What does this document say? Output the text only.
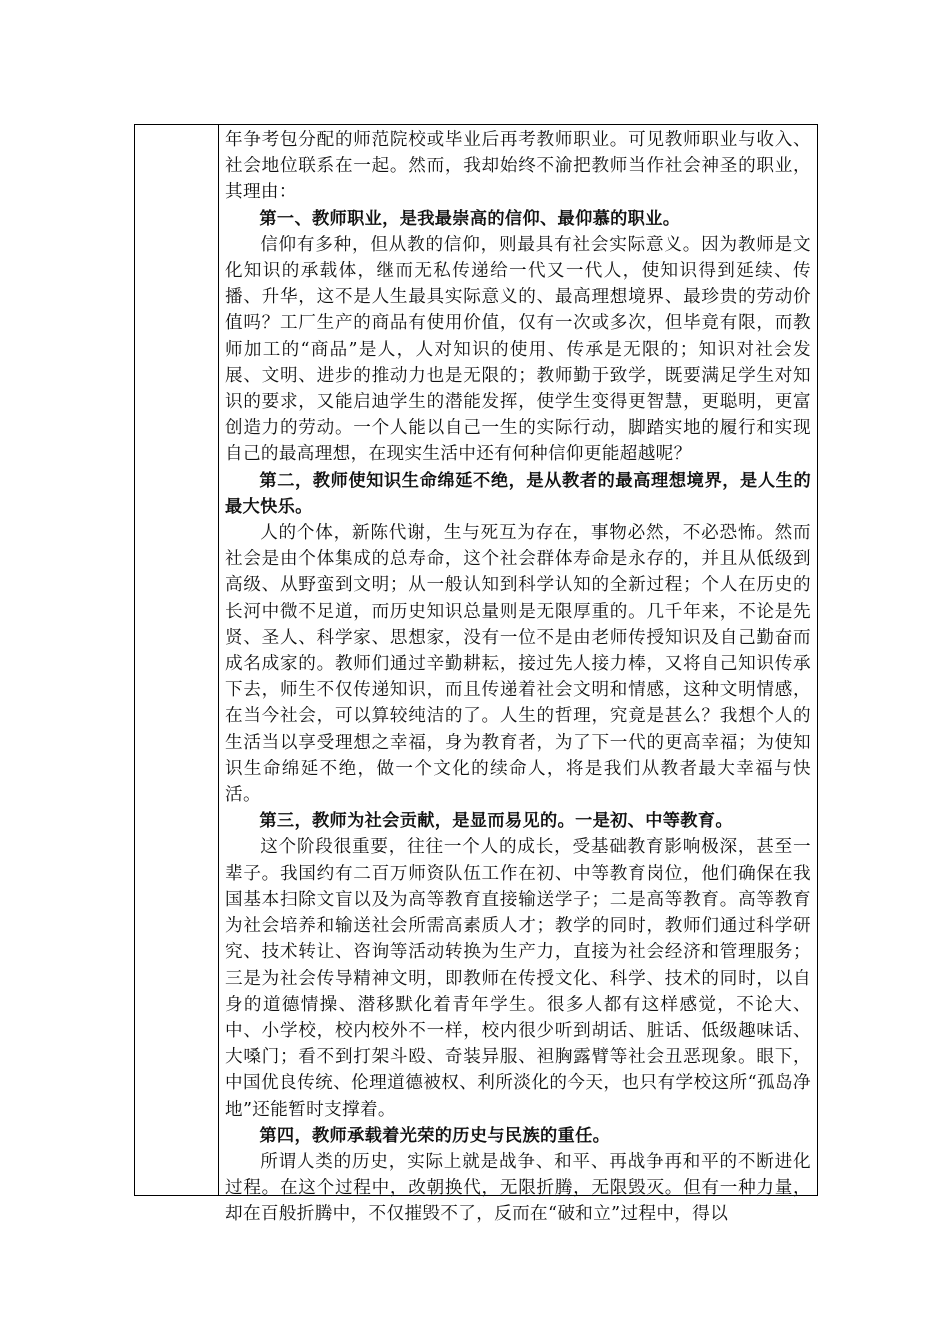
年争考包分配的师范院校或毕业后再考教师职业。可见教师职业与收入、社会地位联系在一起。然而，我却始终不渝把教师当作社会神圣的职业，其理由：

第一、教师职业，是我最崇高的信仰、最仰慕的职业。

信仰有多种，但从教的信仰，则最具有社会实际意义。因为教师是文化知识的承载体，继而无私传递给一代又一代人，使知识得到延续、传播、升华，这不是人生最具实际意义的、最高理想境界、最珍贵的劳动价值吗？工厂生产的商品有使用价值，仅有一次或多次，但毕竟有限，而教师加工的“商品”是人，人对知识的使用、传承是无限的；知识对社会发展、文明、进步的推动力也是无限的；教师勤于致学，既要满足学生对知识的要求，又能启迪学生的潜能发挥，使学生变得更智慧，更聪明，更富创造力的劳动。一个人能以自己一生的实际行动，脚踏实地的履行和实现自己的最高理想，在现实生活中还有何种信仰更能超越呢？

第二，教师使知识生命绵延不绝，是从教者的最高理想境界，是人生的最大快乐。

人的个体，新陈代谢，生与死互为存在，事物必然，不必恐怖。然而社会是由个体集成的总寿命，这个社会群体寿命是永存的，并且从低级到高级、从野蛮到文明；从一般认知到科学认知的全新过程；个人在历史的长河中微不足道，而历史知识总量则是无限厚重的。几千年来，不论是先贤、圣人、科学家、思想家，没有一位不是由老师传授知识及自己勤奋而成名成家的。教师们通过辛勤耕耘，接过先人接力棒，又将自己知识传承下去，师生不仅传递知识，而且传递着社会文明和情感，这种文明情感，在当今社会，可以算较纯洁的了。人生的哲理，究竟是甚么？我想个人的生活当以享受理想之幸福，身为教育者，为了下一代的更高幸福；为使知识生命绵延不绝，做一个文化的续命人，将是我们从教者最大幸福与快活。

第三，教师为社会贡献，是显而易见的。一是初、中等教育。

这个阶段很重要，往往一个人的成长，受基础教育影响极深，甚至一辈子。我国约有二百万师资队伍工作在初、中等教育岗位，他们确保在我国基本扫除文盲以及为高等教育直接输送学子；二是高等教育。高等教育为社会培养和输送社会所需高素质人才；教学的同时，教师们通过科学研究、技术转让、咨询等活动转换为生产力，直接为社会经济和管理服务；三是为社会传导精神文明，即教师在传授文化、科学、技术的同时，以自身的道德情操、潜移默化着青年学生。很多人都有这样感觉，不论大、中、小学校，校内校外不一样，校内很少听到胡话、脏话、低级趣味话、大嗓门；看不到打架斗殴、奇装异服、袒胸露臂等社会丑恶现象。眼下，中国优良传统、伦理道德被权、利所淡化的今天，也只有学校这所“孤岛净地”还能暂时支撑着。

第四，教师承载着光荣的历史与民族的重任。

所谓人类的历史，实际上就是战争、和平、再战争再和平的不断进化过程。在这个过程中，改朝换代，无限折腾，无限毁灭。但有一种力量，却在百般折腾中，不仅摧毁不了，反而在“破和立”过程中，得以
